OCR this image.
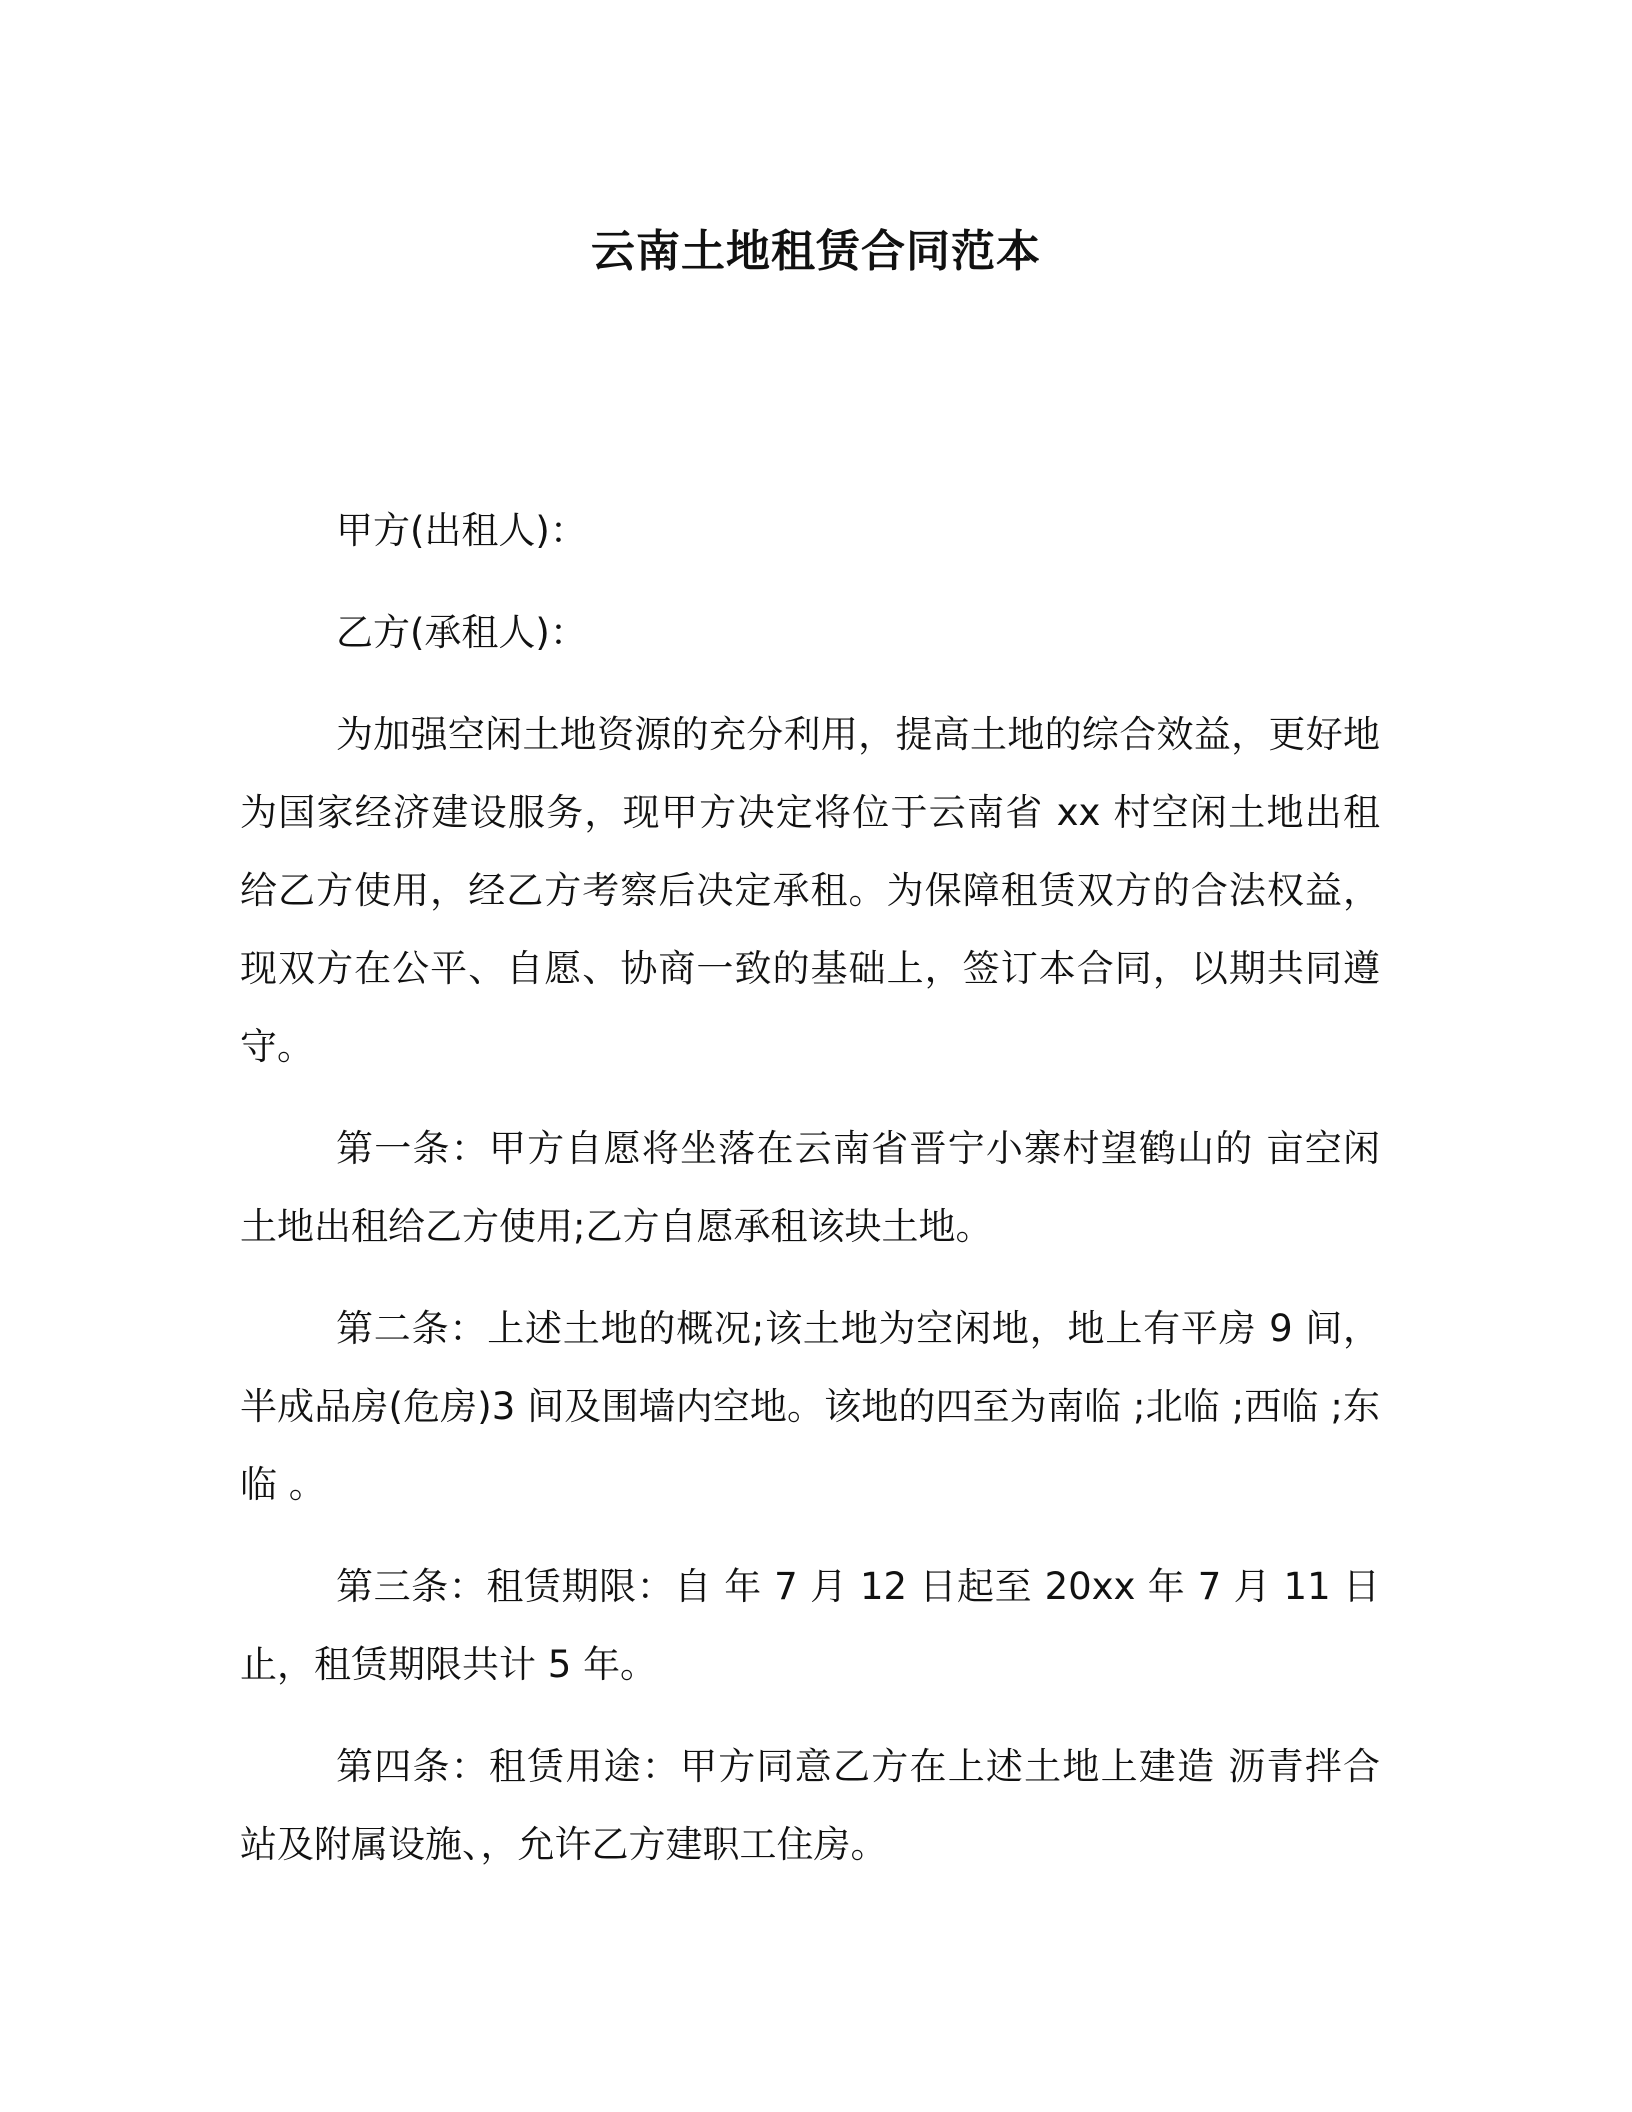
云南土地租赁合同范本

甲方(出租人)：

乙方(承租人)：

为加强空闲土地资源的充分利用，提高土地的综合效益，更好地为国家经济建设服务，现甲方决定将位于云南省 xx 村空闲土地出租给乙方使用，经乙方考察后决定承租。为保障租赁双方的合法权益，现双方在公平、自愿、协商一致的基础上，签订本合同，以期共同遵守。

第一条：甲方自愿将坐落在云南省晋宁小寨村望鹤山的 亩空闲土地出租给乙方使用;乙方自愿承租该块土地。

第二条：上述土地的概况;该土地为空闲地，地上有平房 9 间，半成品房(危房)3 间及围墙内空地。该地的四至为南临 ;北临 ;西临 ;东临 。

第三条：租赁期限：自 年 7 月 12 日起至 20xx 年 7 月 11 日止，租赁期限共计 5 年。

第四条：租赁用途：甲方同意乙方在上述土地上建造 沥青拌合站及附属设施、，允许乙方建职工住房。
